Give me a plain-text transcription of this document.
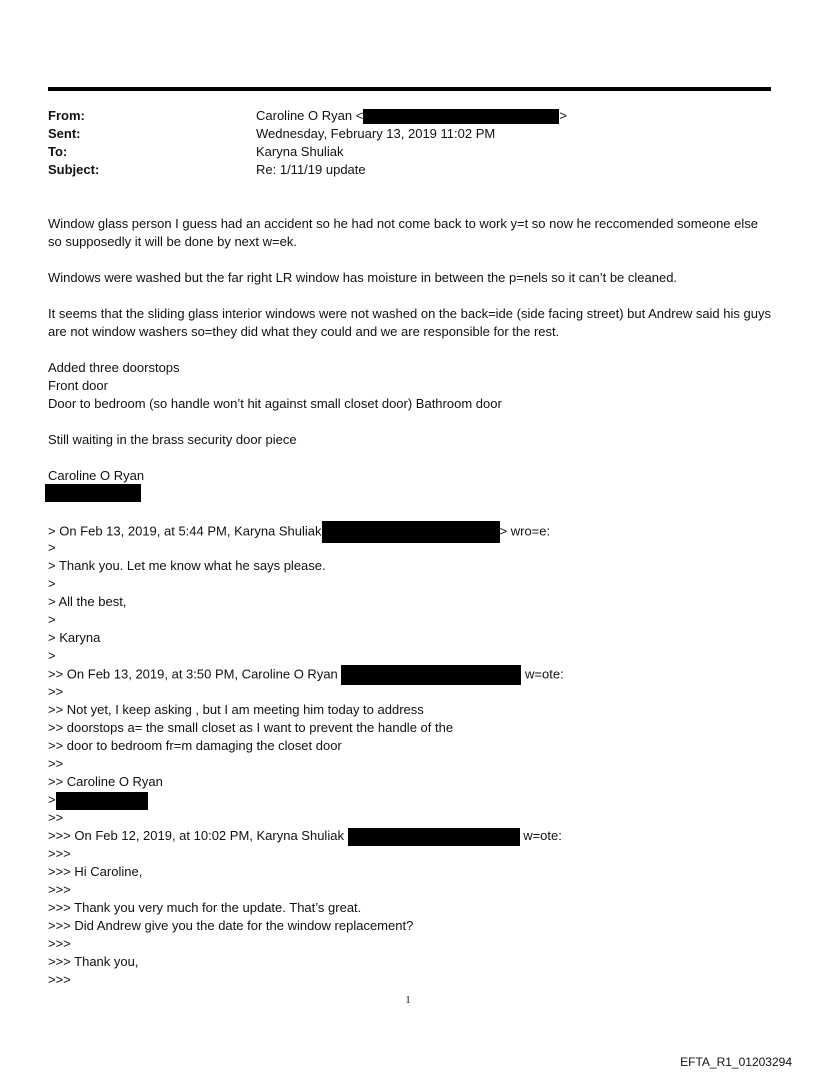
From:	Caroline O Ryan <	>
Sent:	Wednesday, February 13, 2019 11:02 PM
To:	Karyna Shuliak
Subject:	Re: 1/11/19 update
Window glass person I guess had an accident so he had not come back to work y=t so now he reccomended someone else so supposedly it will be done by next w=ek.
Windows were washed but the far right LR window has moisture in between the p=nels so it can’t be cleaned.
It seems that the sliding glass interior windows were not washed on the back=ide (side facing street) but Andrew said his guys are not window washers so=they did what they could and we are responsible for the rest.
Added three doorstops
Front door
Door to bedroom (so handle won’t hit against small closet door) Bathroom door
Still waiting in the brass security door piece
Caroline O Ryan
> On Feb 13, 2019, at 5:44 PM, Karyna Shuliak	> wro=e:
>
> Thank you. Let me know what he says please.
>
> All the best,
>
> Karyna
>
>> On Feb 13, 2019, at 3:50 PM, Caroline O Ryan	w=ote:
>>
>> Not yet, I keep asking , but I am meeting him today to address
>> doorstops a= the small closet as I want to prevent the handle of the
>> door to bedroom fr=m damaging the closet door
>>
>> Caroline O Ryan
>
>>
>>> On Feb 12, 2019, at 10:02 PM, Karyna Shuliak	w=ote:
>>>
>>> Hi Caroline,
>>>
>>> Thank you very much for the update. That’s great.
>>> Did Andrew give you the date for the window replacement?
>>>
>>> Thank you,
>>>
1
EFTA_R1_01203294
